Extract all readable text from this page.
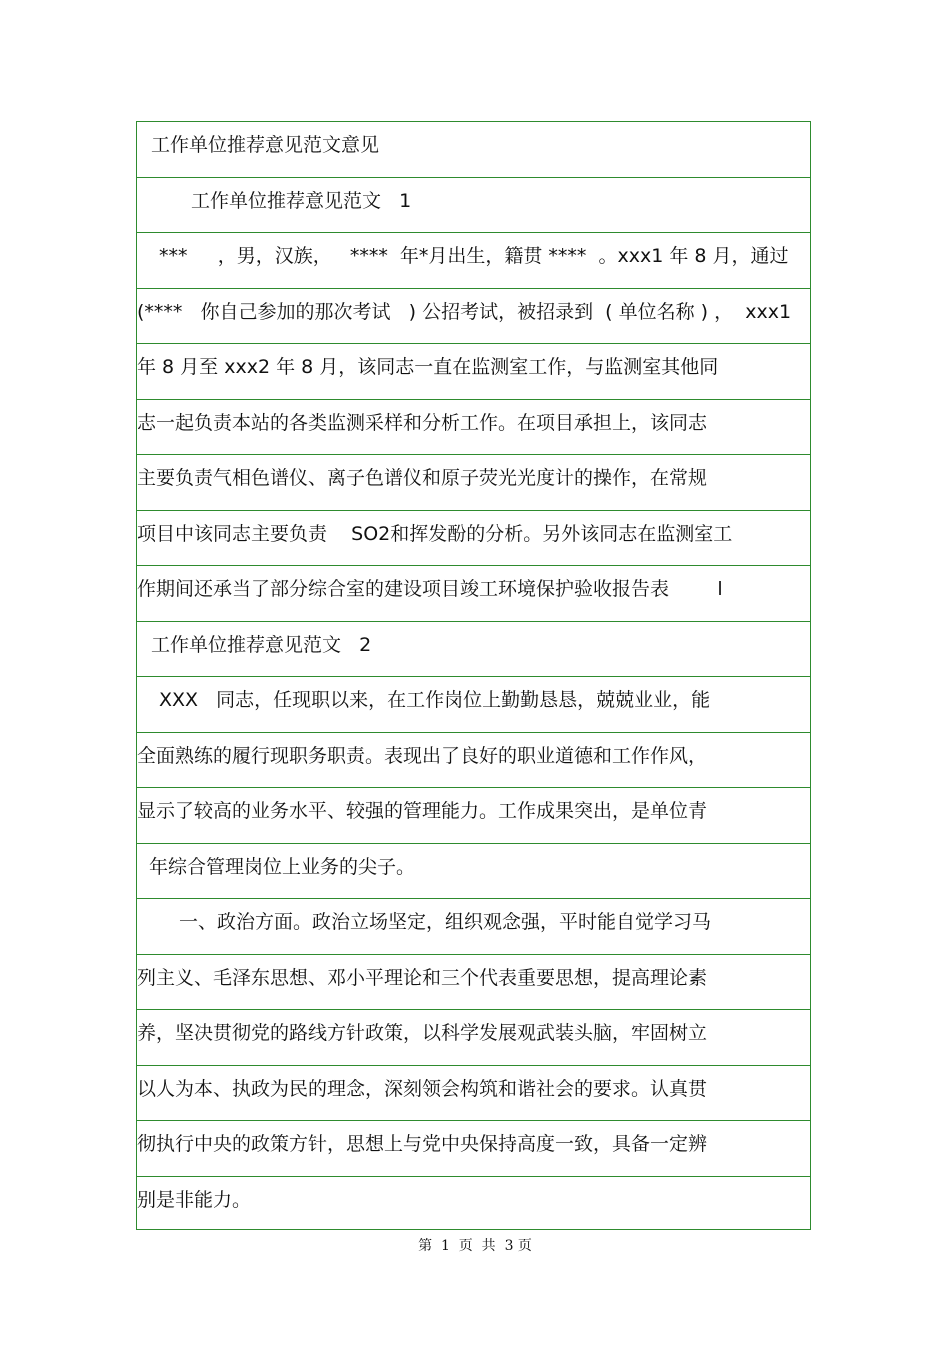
工作单位推荐意见范文意见
工作单位推荐意见范文   1
***     ，男，汉族，   ****  年*月出生，籍贯 ****  。xxx1 年 8 月，通过
(****   你自己参加的那次考试   ) 公招考试，被招录到  ( 单位名称 ) ，  xxx1
年 8 月至 xxx2 年 8 月，该同志一直在监测室工作，与监测室其他同
志一起负责本站的各类监测采样和分析工作。在项目承担上，该同志
主要负责气相色谱仪、离子色谱仪和原子荧光光度计的操作，在常规
项目中该同志主要负责    SO2和挥发酚的分析。另外该同志在监测室工
作期间还承当了部分综合室的建设项目竣工环境保护验收报告表        l
工作单位推荐意见范文   2
XXX   同志，任现职以来，在工作岗位上勤勤恳恳，兢兢业业，能
全面熟练的履行现职务职责。表现出了良好的职业道德和工作作风，
显示了较高的业务水平、较强的管理能力。工作成果突出，是单位青
年综合管理岗位上业务的尖子。
一、政治方面。政治立场坚定，组织观念强，平时能自觉学习马
列主义、毛泽东思想、邓小平理论和三个代表重要思想，提高理论素
养，坚决贯彻党的路线方针政策，以科学发展观武装头脑，牢固树立
以人为本、执政为民的理念，深刻领会构筑和谐社会的要求。认真贯
彻执行中央的政策方针，思想上与党中央保持高度一致，具备一定辨
别是非能力。
第  1  页  共  3 页
